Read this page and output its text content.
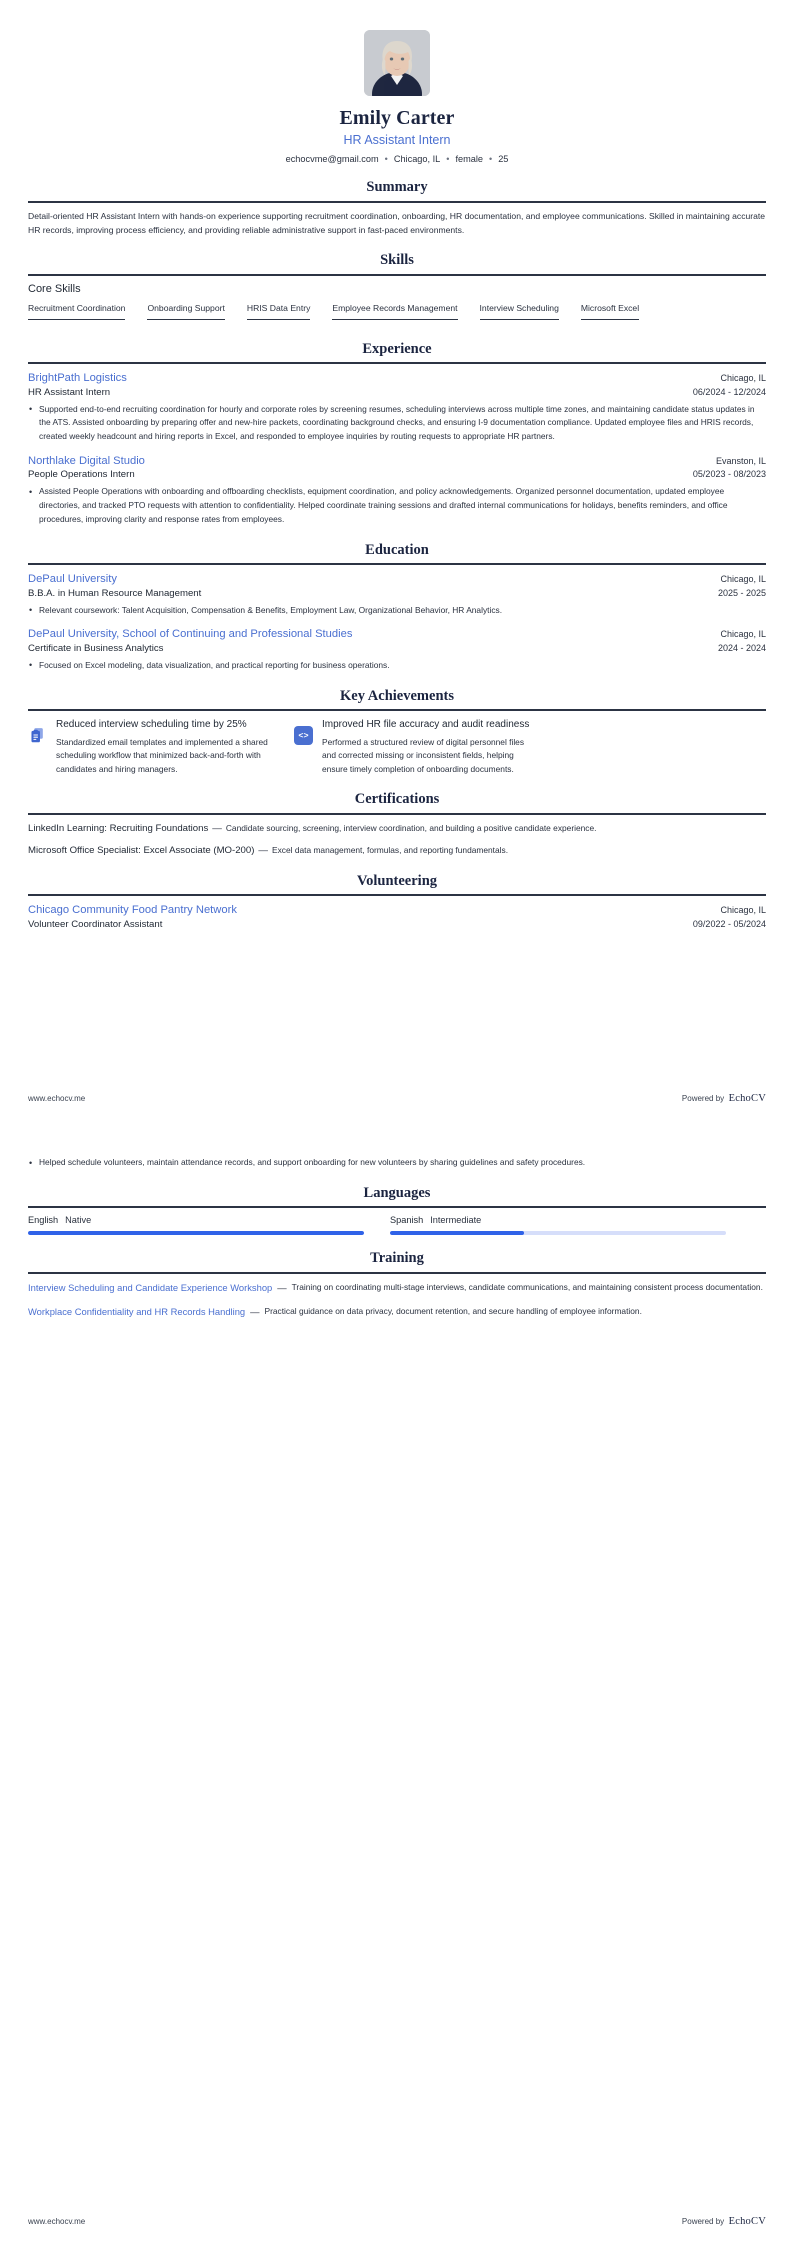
Emily Carter
HR Assistant Intern
echocvme@gmail.com • Chicago, IL • female • 25
Summary
Detail-oriented HR Assistant Intern with hands-on experience supporting recruitment coordination, onboarding, HR documentation, and employee communications. Skilled in maintaining accurate HR records, improving process efficiency, and providing reliable administrative support in fast-paced environments.
Skills
Core Skills
Recruitment Coordination	Onboarding Support	HRIS Data Entry	Employee Records Management	Interview Scheduling	Microsoft Excel
Experience
BrightPath Logistics	Chicago, IL
HR Assistant Intern	06/2024 - 12/2024
• Supported end-to-end recruiting coordination for hourly and corporate roles by screening resumes, scheduling interviews across multiple time zones, and maintaining candidate status updates in the ATS. Assisted onboarding by preparing offer and new-hire packets, coordinating background checks, and ensuring I-9 documentation compliance. Updated employee files and HRIS records, created weekly headcount and hiring reports in Excel, and responded to employee inquiries by routing requests to appropriate HR partners.
Northlake Digital Studio	Evanston, IL
People Operations Intern	05/2023 - 08/2023
• Assisted People Operations with onboarding and offboarding checklists, equipment coordination, and policy acknowledgements. Organized personnel documentation, updated employee directories, and tracked PTO requests with attention to confidentiality. Helped coordinate training sessions and drafted internal communications for holidays, benefits reminders, and office procedures, improving clarity and response rates from employees.
Education
DePaul University	Chicago, IL
B.B.A. in Human Resource Management	2025 - 2025
• Relevant coursework: Talent Acquisition, Compensation & Benefits, Employment Law, Organizational Behavior, HR Analytics.
DePaul University, School of Continuing and Professional Studies	Chicago, IL
Certificate in Business Analytics	2024 - 2024
• Focused on Excel modeling, data visualization, and practical reporting for business operations.
Key Achievements
Reduced interview scheduling time by 25%
Standardized email templates and implemented a shared scheduling workflow that minimized back-and-forth with candidates and hiring managers.
<>
Improved HR file accuracy and audit readiness
Performed a structured review of digital personnel files and corrected missing or inconsistent fields, helping ensure timely completion of onboarding documents.
Certifications
LinkedIn Learning: Recruiting Foundations — Candidate sourcing, screening, interview coordination, and building a positive candidate experience.
Microsoft Office Specialist: Excel Associate (MO-200) — Excel data management, formulas, and reporting fundamentals.
Volunteering
Chicago Community Food Pantry Network	Chicago, IL
Volunteer Coordinator Assistant	09/2022 - 05/2024
www.echocv.me	Powered by EchoCV
• Helped schedule volunteers, maintain attendance records, and support onboarding for new volunteers by sharing guidelines and safety procedures.
Languages
English Native	Spanish Intermediate
Training
Interview Scheduling and Candidate Experience Workshop — Training on coordinating multi-stage interviews, candidate communications, and maintaining consistent process documentation.
Workplace Confidentiality and HR Records Handling — Practical guidance on data privacy, document retention, and secure handling of employee information.
www.echocv.me	Powered by EchoCV
